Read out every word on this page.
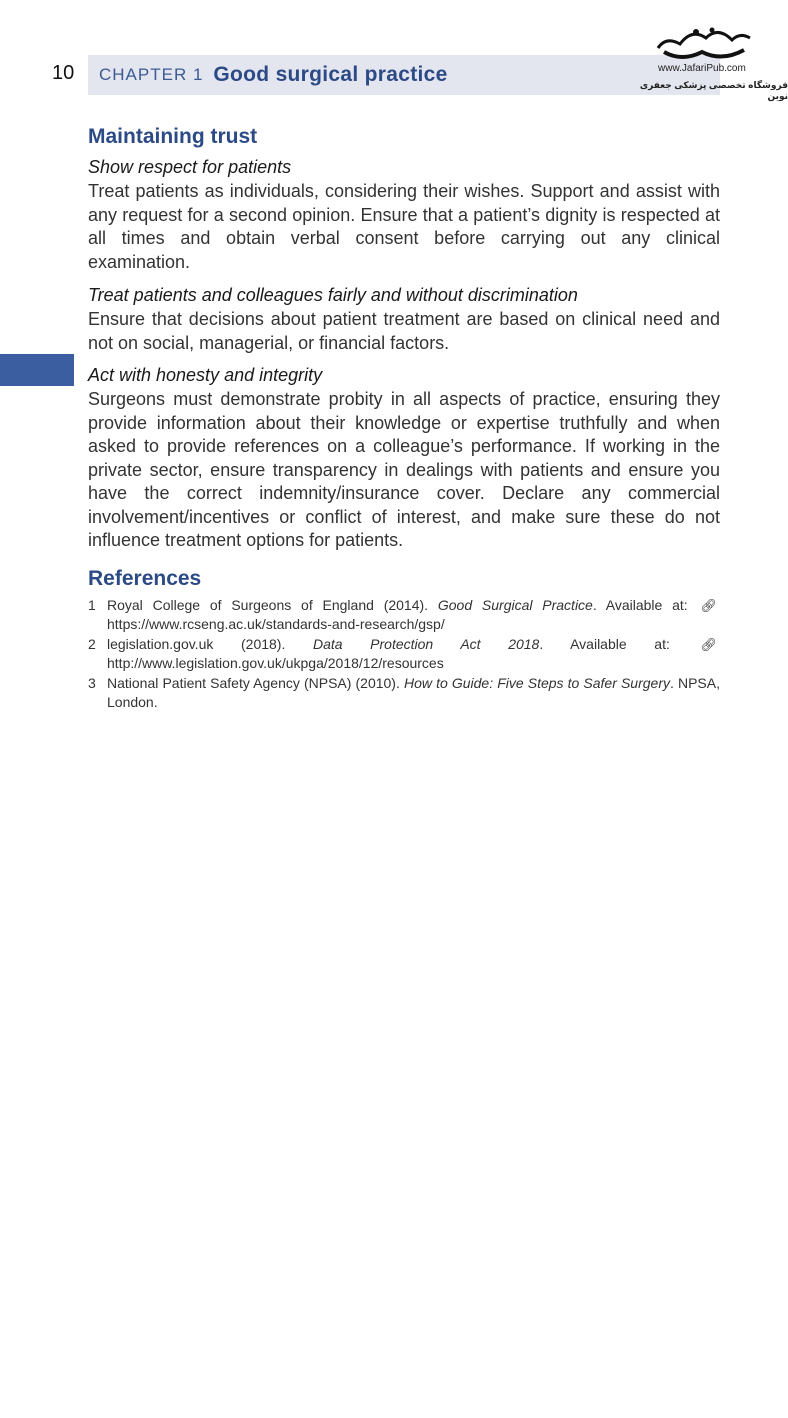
10 CHAPTER 1 Good surgical practice	www.JafariPub.com
فروشگاه تخصصی پزشکی جعفری نوین
Maintaining trust
Show respect for patients

Treat patients as individuals, considering their wishes. Support and assist with any request for a second opinion. Ensure that a patient’s dignity is respected at all times and obtain verbal consent before carrying out any clinical examination.

Treat patients and colleagues fairly and without discrimination

Ensure that decisions about patient treatment are based on clinical need and not on social, managerial, or financial factors.

Act with honesty and integrity

Surgeons must demonstrate probity in all aspects of practice, ensuring they provide information about their knowledge or expertise truthfully and when asked to provide references on a colleague’s performance. If working in the private sector, ensure transparency in dealings with patients and ensure you have the correct indemnity/insurance cover. Declare any commercial involvement/incentives or conflict of interest, and make sure these do not influence treatment options for patients.

References
1 Royal College of Surgeons of England (2014). Good Surgical Practice. Available at: 🔗︎https://www.rcseng.ac.uk/standards-and-research/gsp/
2 legislation.gov.uk (2018). Data Protection Act 2018. Available at: 🔗︎http://www.legislation.gov.uk/ukpga/2018/12/resources
3 National Patient Safety Agency (NPSA) (2010). How to Guide: Five Steps to Safer Surgery. NPSA, London.
